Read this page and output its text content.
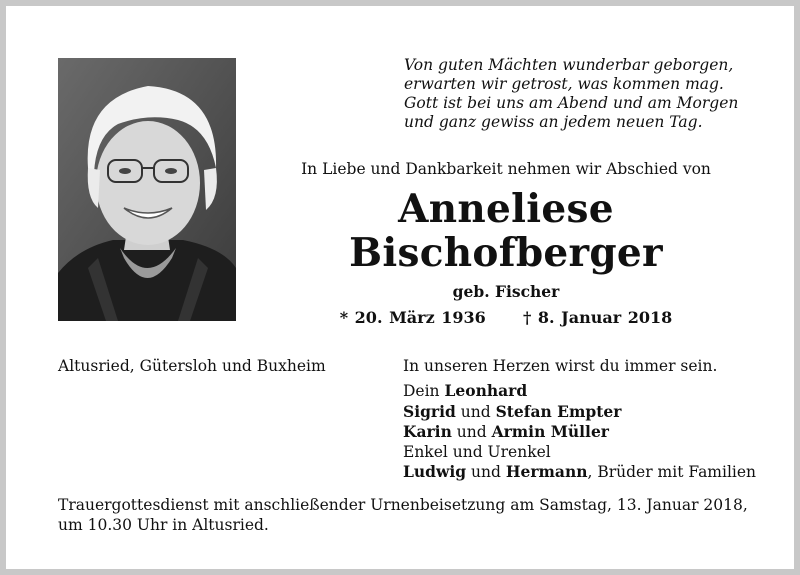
Von guten Mächten wunderbar geborgen,
erwarten wir getrost, was kommen mag.
Gott ist bei uns am Abend und am Morgen
und ganz gewiss an jedem neuen Tag.
In Liebe und Dankbarkeit nehmen wir Abschied von
Anneliese
Bischofberger
geb. Fischer
* 20. März 1936 † 8. Januar 2018
Altusried, Gütersloh und Buxheim	In unseren Herzen wirst du immer sein.
Dein Leonhard
Sigrid und Stefan Empter
Karin und Armin Müller
Enkel und Urenkel
Ludwig und Hermann, Brüder mit Familien
Trauergottesdienst mit anschließender Urnenbeisetzung am Samstag, 13. Januar 2018,
um 10.30 Uhr in Altusried.
